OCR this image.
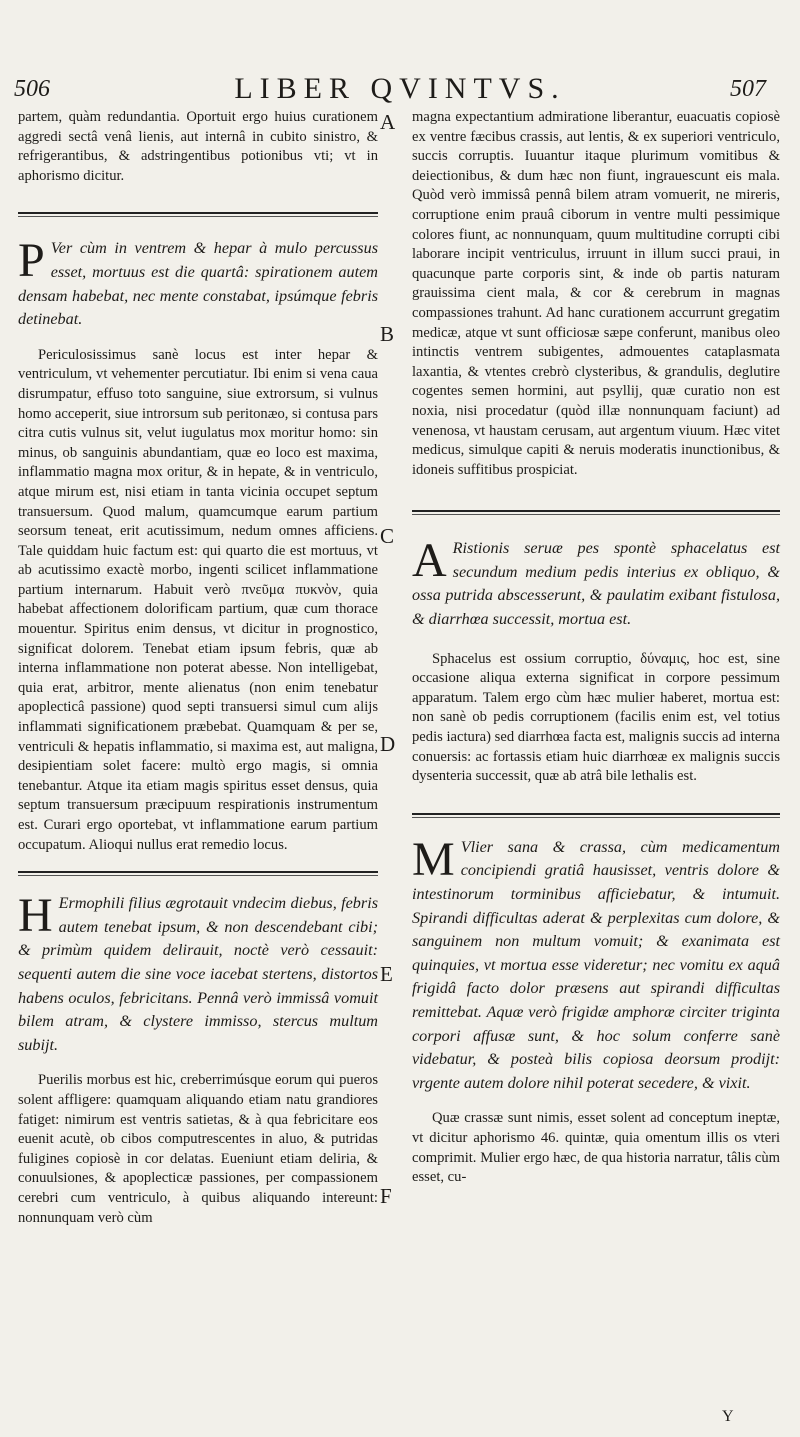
506	LIBER QVINTVS.	507

partem, quàm redundantia. Oportuit ergo huius curationem aggredi sectâ venâ lienis, aut internâ in cubito sinistro, & refrigerantibus, & adstringentibus potionibus vti; vt in aphorismo dicitur.

P Ver cùm in ventrem & hepar à mulo percussus esset, mortuus est die quartâ: spirationem autem densam habebat, nec mente constabat, ipsúmque febris detinebat.

Periculosissimus sanè locus est inter hepar & ventriculum, vt vehementer percutiatur. Ibi enim si vena caua disrumpatur, effuso toto sanguine, siue extrorsum, si vulnus homo acceperit, siue introrsum sub peritonæo, si contusa pars citra cutis vulnus sit, velut iugulatus mox moritur homo: sin minus, ob sanguinis abundantiam, quæ eo loco est maxima, inflammatio magna mox oritur, & in hepate, & in ventriculo, atque mirum est, nisi etiam in tanta vicinia occupet septum transuersum. Quod malum, quamcumque earum partium seorsum teneat, erit acutissimum, nedum omnes afficiens. Tale quiddam huic factum est: qui quarto die est mortuus, vt ab acutissimo exactè morbo, ingenti scilicet inflammatione partium internarum. Habuit verò πνεῦμα πυκνὸν, quia habebat affectionem dolorificam partium, quæ cum thorace mouentur. Spiritus enim densus, vt dicitur in prognostico, significat dolorem. Tenebat etiam ipsum febris, quæ ab interna inflammatione non poterat abesse. Non intelligebat, quia erat, arbitror, mente alienatus (non enim tenebatur apoplecticâ passione) quod septi transuersi simul cum alijs inflammati significationem præbebat. Quamquam & per se, ventriculi & hepatis inflammatio, si maxima est, aut maligna, desipientiam solet facere: multò ergo magis, si omnia tenebantur. Atque ita etiam magis spiritus esset densus, quia septum transuersum præcipuum respirationis instrumentum est. Curari ergo oportebat, vt inflammatione earum partium occupatum. Alioqui nullus erat remedio locus.

H Ermophili filius ægrotauit vndecim diebus, febris autem tenebat ipsum, & non descendebant cibi; & primùm quidem delirauit, noctè verò cessauit: sequenti autem die sine voce iacebat stertens, distortos habens oculos, febricitans. Pennâ verò immissâ vomuit bilem atram, & clystere immisso, stercus multum subijt.

Puerilis morbus est hic, creberrimúsque eorum qui pueros solent affligere: quamquam aliquando etiam natu grandiores fatiget: nimirum est ventris satietas, & à qua febricitare eos euenit acutè, ob cibos computrescentes in aluo, & putridas fuligines copiosè in cor delatas. Eueniunt etiam deliria, & conuulsiones, & apoplecticæ passiones, per compassionem cerebri cum ventriculo, à quibus aliquando intereunt: nonnunquam verò cùm

A
B
C
D
E
F

magna expectantium admiratione liberantur, euacuatis copiosè ex ventre fæcibus crassis, aut lentis, & ex superiori ventriculo, succis corruptis. Iuuantur itaque plurimum vomitibus & deiectionibus, & dum hæc non fiunt, ingrauescunt eis mala. Quòd verò immissâ pennâ bilem atram vomuerit, ne mireris, corruptione enim prauâ ciborum in ventre multi pessimique colores fiunt, ac nonnunquam, quum multitudine corrupti cibi laborare incipit ventriculus, irruunt in illum succi praui, in quacunque parte corporis sint, & inde ob partis naturam grauissima cient mala, & cor & cerebrum in magnas compassiones trahunt. Ad hanc curationem accurrunt gregatim medicæ, atque vt sunt officiosæ sæpe conferunt, manibus oleo intinctis ventrem subigentes, admouentes cataplasmata laxantia, & vtentes crebrò clysteribus, & grandulis, deglutire cogentes semen hormini, aut psyllij, quæ curatio non est noxia, nisi procedatur (quòd illæ nonnunquam faciunt) ad venenosa, vt haustam cerusam, aut argentum viuum. Hæc vitet medicus, simulque capiti & neruis moderatis inunctionibus, & idoneis suffitibus prospiciat.

A Ristionis seruæ pes spontè sphacelatus est secundum medium pedis interius ex obliquo, & ossa putrida abscesserunt, & paulatim exibant fistulosa, & diarrhœa successit, mortua est.

Sphacelus est ossium corruptio, δύναμις, hoc est, sine occasione aliqua externa significat in corpore pessimum apparatum. Talem ergo cùm hæc mulier haberet, mortua est: non sanè ob pedis corruptionem (facilis enim est, vel totius pedis iactura) sed diarrhœa facta est, malignis succis ad interna conuersis: ac fortassis etiam huic diarrhœæ ex malignis succis dysenteria successit, quæ ab atrâ bile lethalis est.

M Vlier sana & crassa, cùm medicamentum concipiendi gratiâ hausisset, ventris dolore & intestinorum torminibus afficiebatur, & intumuit. Spirandi difficultas aderat & perplexitas cum dolore, & sanguinem non multum vomuit; & exanimata est quinquies, vt mortua esse videretur; nec vomitu ex aquâ frigidâ facto dolor præsens aut spirandi difficultas remittebat. Aquæ verò frigidæ amphoræ circiter triginta corpori affusæ sunt, & hoc solum conferre sanè videbatur, & posteà bilis copiosa deorsum prodijt: vrgente autem dolore nihil poterat secedere, & vixit.

Quæ crassæ sunt nimis, esset solent ad conceptum ineptæ, vt dicitur aphorismo 46. quintæ, quia omentum illis os vteri comprimit. Mulier ergo hæc, de qua historia narratur, tâlis cùm esset, cu-

Y
